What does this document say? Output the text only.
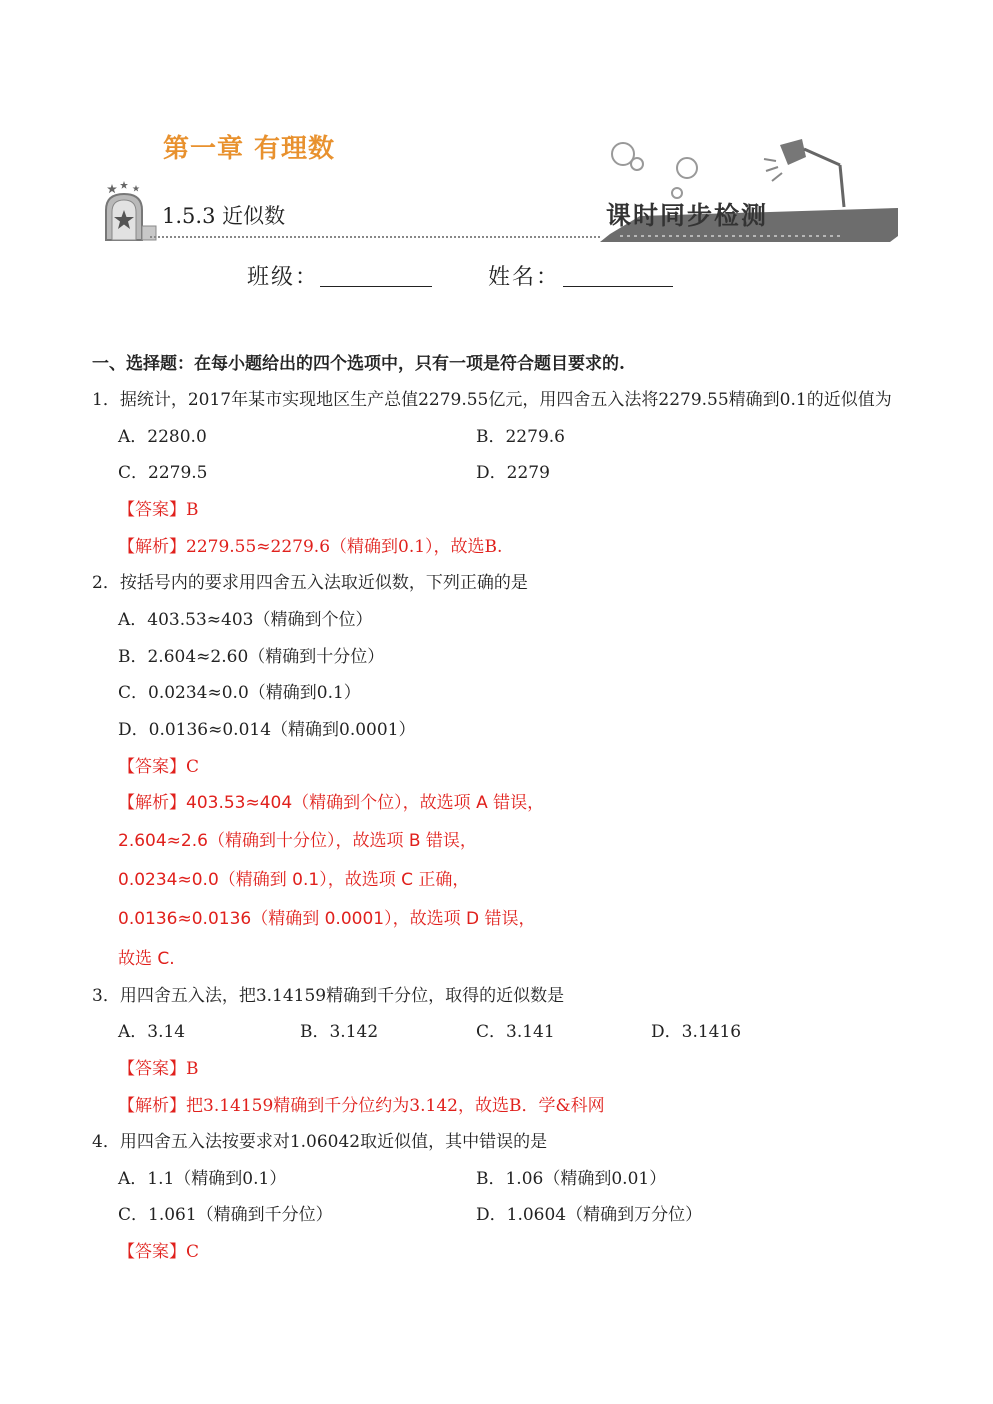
第一章 有理数
1.5.3 近似数	课时同步检测
班级：	姓名：
一、选择题：在每小题给出的四个选项中，只有一项是符合题目要求的.
1．据统计，2017年某市实现地区生产总值2279.55亿元，用四舍五入法将2279.55精确到0.1的近似值为
A．2280.0	B．2279.6
C．2279.5	D．2279
【答案】B
【解析】2279.55≈2279.6（精确到0.1），故选B.
2．按括号内的要求用四舍五入法取近似数，下列正确的是
A．403.53≈403（精确到个位）
B．2.604≈2.60（精确到十分位）
C．0.0234≈0.0（精确到0.1）
D．0.0136≈0.014（精确到0.0001）
【答案】C
【解析】403.53≈404（精确到个位），故选项 A 错误，
2.604≈2.6（精确到十分位），故选项 B 错误，
0.0234≈0.0（精确到 0.1），故选项 C 正确，
0.0136≈0.0136（精确到 0.0001），故选项 D 错误，
故选 C.
3．用四舍五入法，把3.14159精确到千分位，取得的近似数是
A．3.14	B．3.142	C．3.141	D．3.1416
【答案】B
【解析】把3.14159精确到千分位约为3.142，故选B．学&科网
4．用四舍五入法按要求对1.06042取近似值，其中错误的是
A．1.1（精确到0.1）	B．1.06（精确到0.01）
C．1.061（精确到千分位）	D．1.0604（精确到万分位）
【答案】C
